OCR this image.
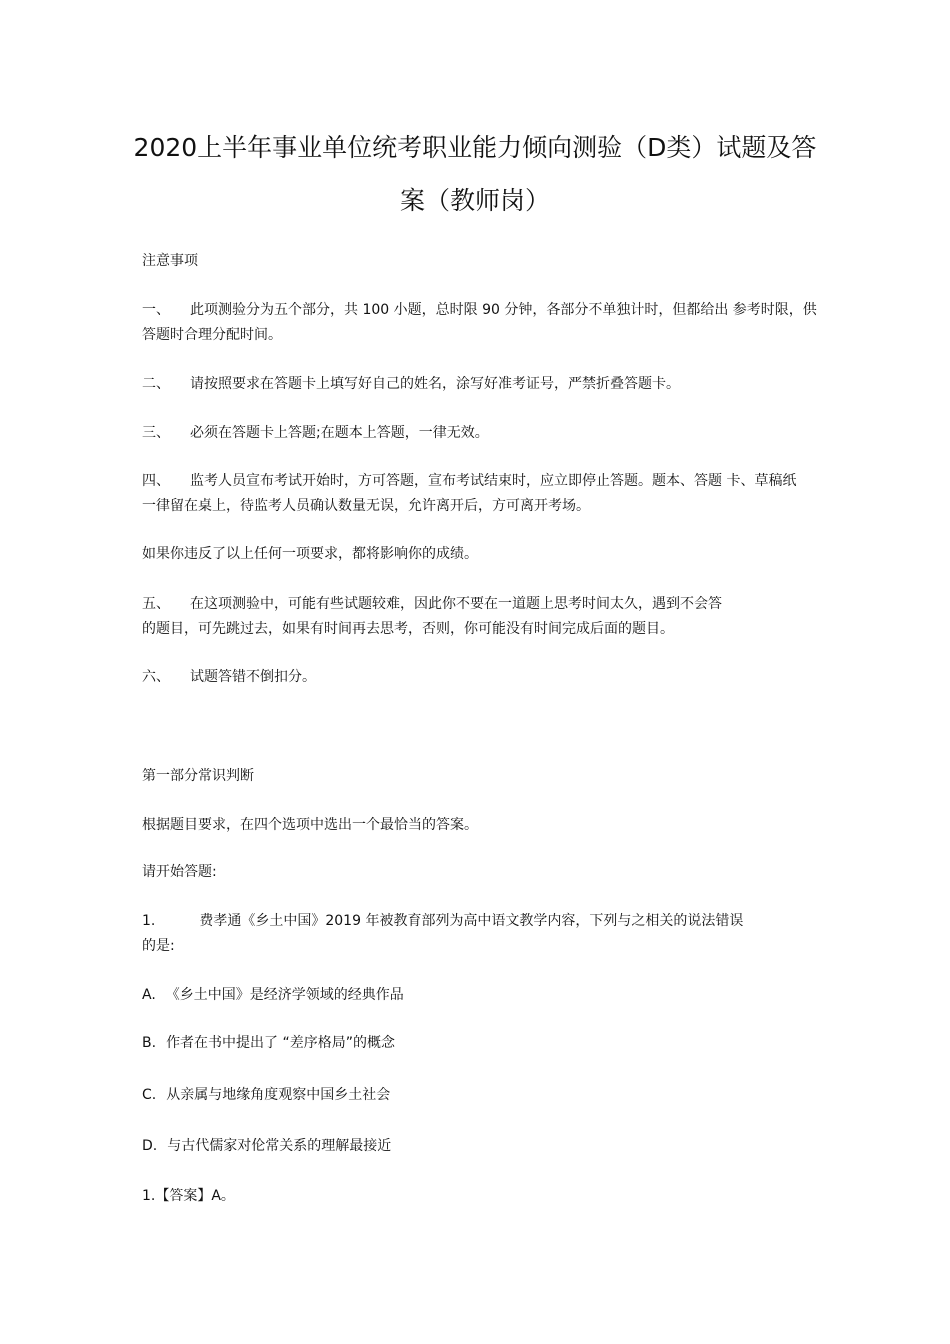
2020上半年事业单位统考职业能力倾向测验（D类）试题及答
案（教师岗）
注意事项
一、 此项测验分为五个部分，共 100 小题，总时限 90 分钟，各部分不单独计时，但都给出 参考时限，供
答题时合理分配时间。
二、 请按照要求在答题卡上填写好自己的姓名，涂写好准考证号，严禁折叠答题卡。
三、 必须在答题卡上答题;在题本上答题，一律无效。
四、 监考人员宣布考试开始时，方可答题，宣布考试结束时，应立即停止答题。题本、答题 卡、草稿纸
一律留在桌上，待监考人员确认数量无误，允许离开后，方可离开考场。
如果你违反了以上任何一项要求，都将影响你的成绩。
五、 在这项测验中，可能有些试题较难，因此你不要在一道题上思考时间太久，遇到不会答
的题目，可先跳过去，如果有时间再去思考，否则，你可能没有时间完成后面的题目。
六、 试题答错不倒扣分。
第一部分常识判断
根据题目要求，在四个选项中选出一个最恰当的答案。
请开始答题:
1.	费孝通《乡土中国》2019 年被教育部列为高中语文教学内容，下列与之相关的说法错误
的是:
A. 《乡土中国》是经济学领域的经典作品
B. 作者在书中提出了 “差序格局”的概念
C. 从亲属与地缘角度观察中国乡土社会
D. 与古代儒家对伦常关系的理解最接近
1.【答案】A。
